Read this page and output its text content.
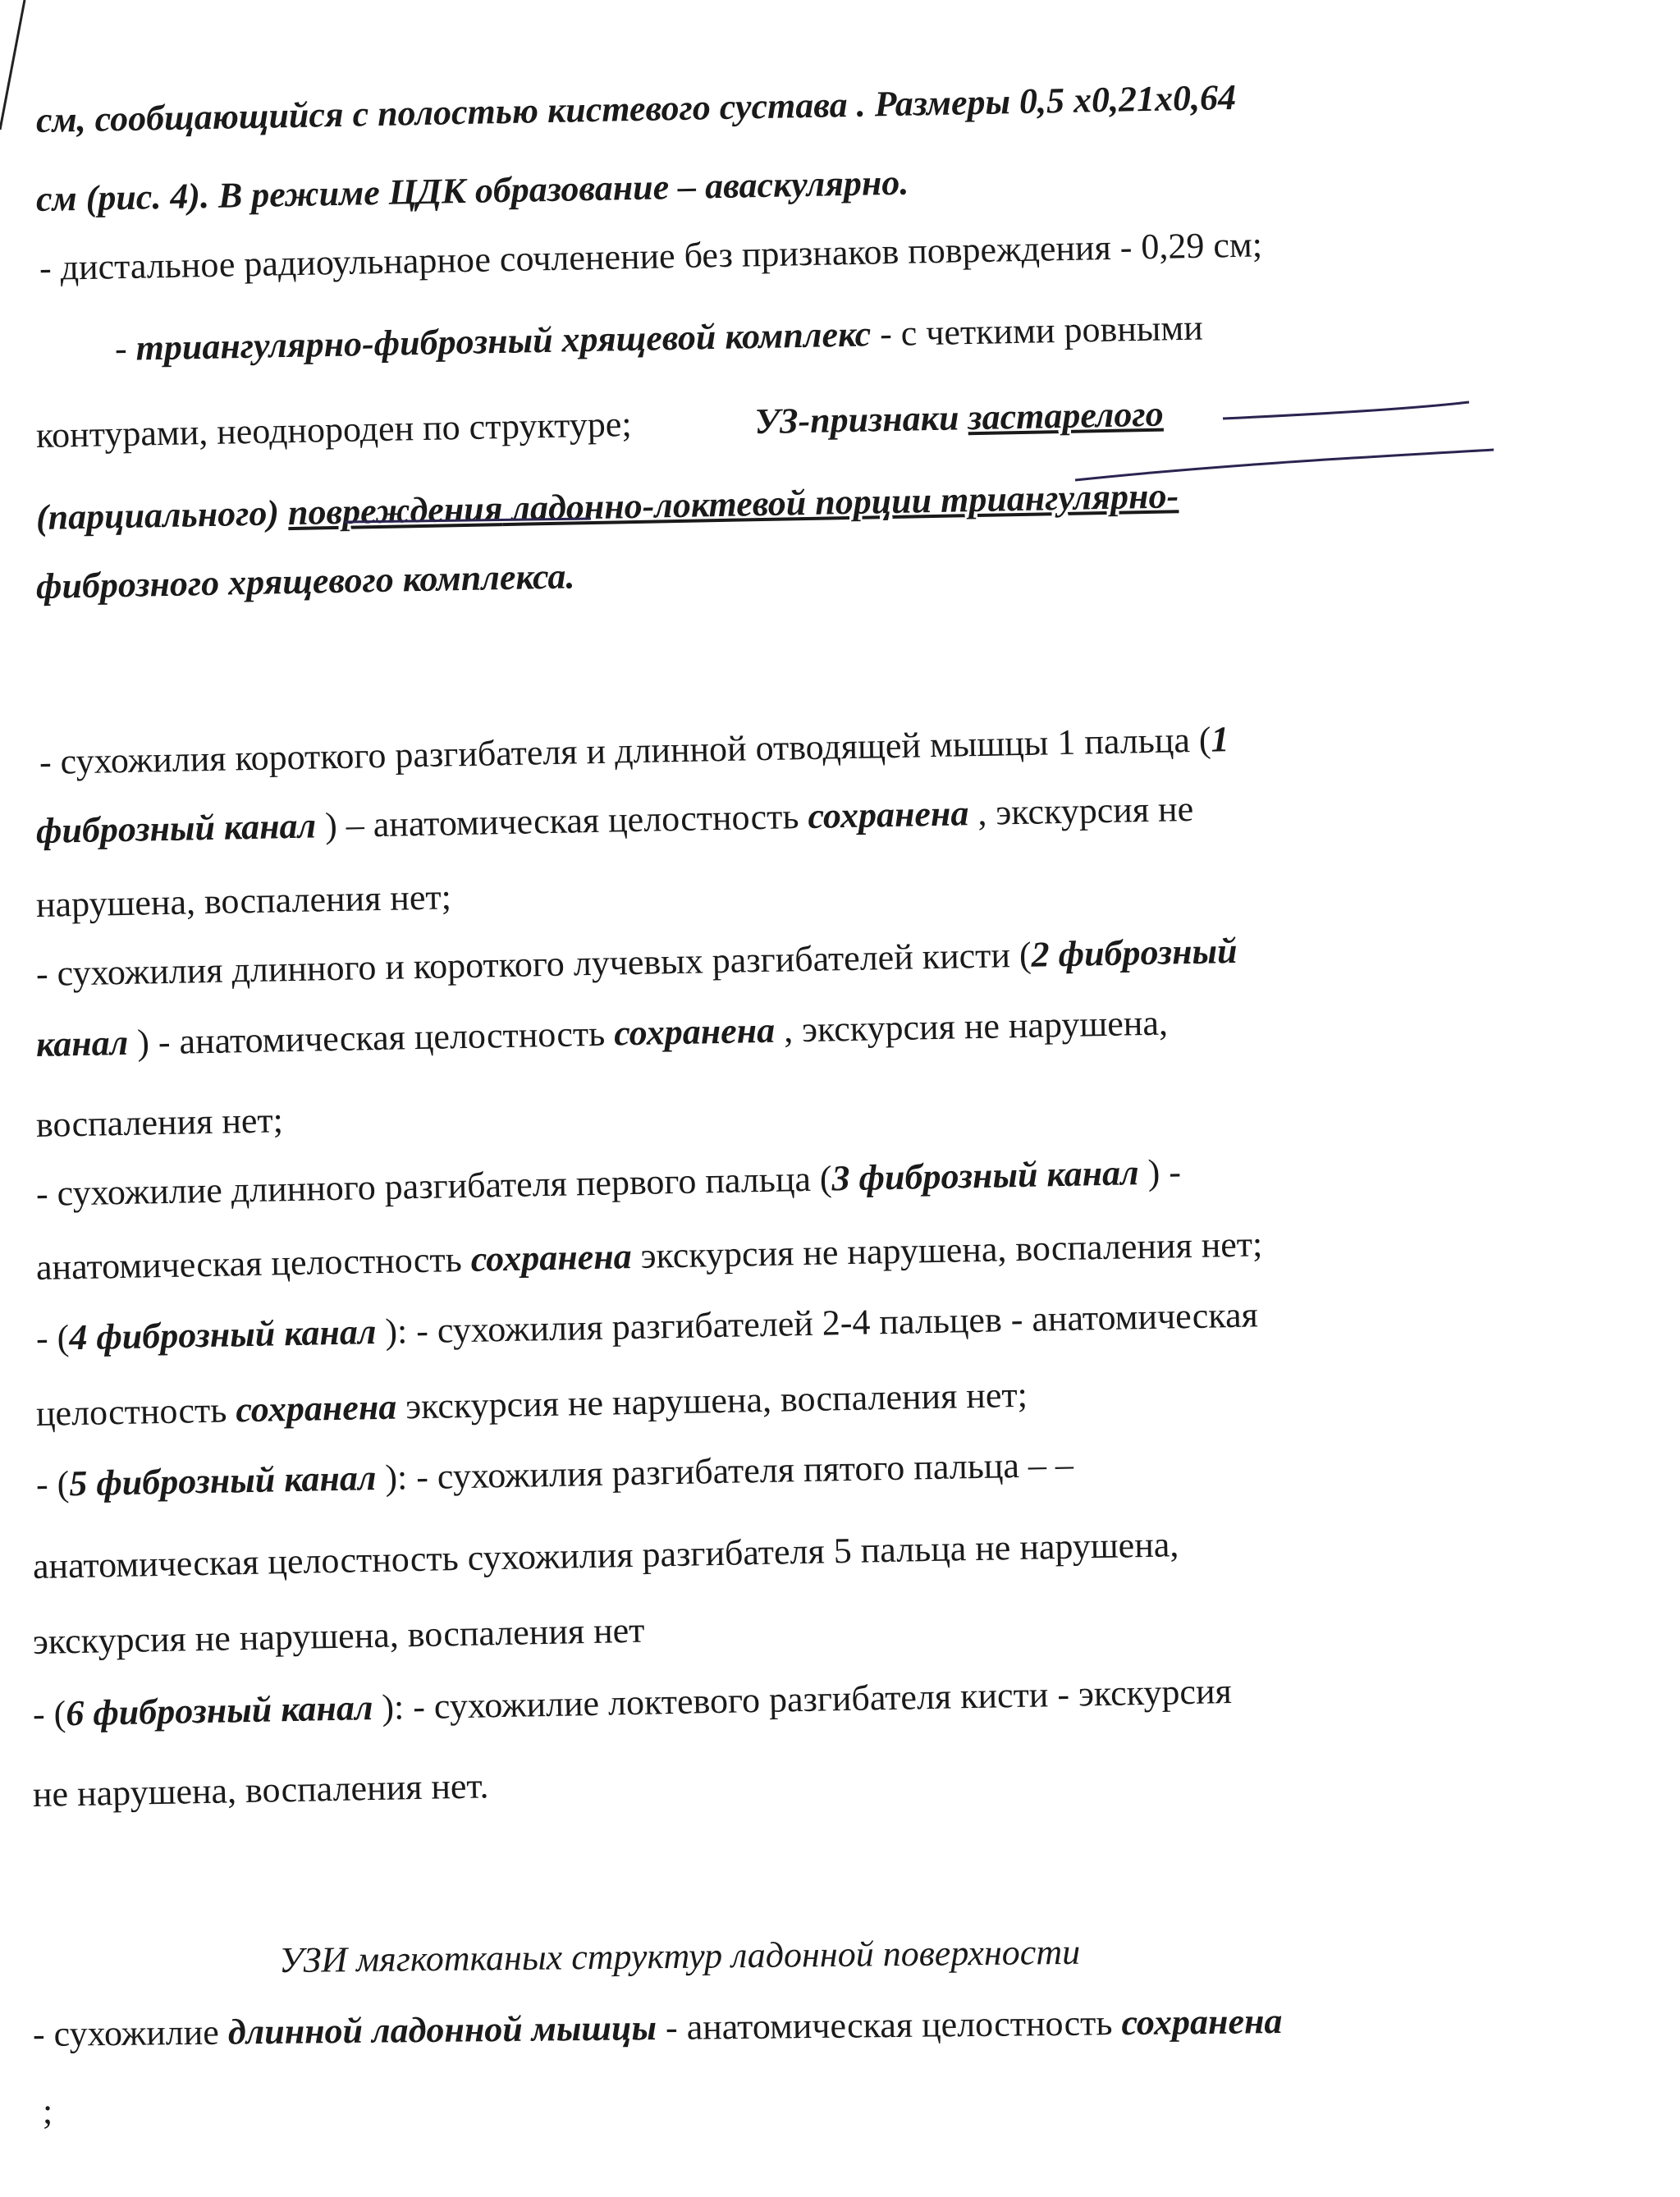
см, сообщающийся с полостью кистевого сустава . Размеры 0,5 х0,21х0,64
см (рис. 4). В режиме ЦДК образование – аваскулярно.
- дистальное радиоульнарное сочленение без признаков повреждения - 0,29 см;
- триангулярно-фиброзный хрящевой комплекс - с четкими ровными
контурами, неоднороден по структуре;	УЗ-признаки застарелого
(парциального) повреждения ладонно-локтевой порции триангулярно-
фиброзного хрящевого комплекса.
- сухожилия короткого разгибателя и длинной отводящей мышцы 1 пальца (1
фиброзный канал ) – анатомическая целостность сохранена , экскурсия не
нарушена, воспаления нет;
- сухожилия длинного и короткого лучевых разгибателей кисти (2 фиброзный
канал ) - анатомическая целостность сохранена , экскурсия не нарушена,
воспаления нет;
- сухожилие длинного разгибателя первого пальца (3 фиброзный канал ) -
анатомическая целостность сохранена экскурсия не нарушена, воспаления нет;
- (4 фиброзный канал ): - сухожилия разгибателей 2-4 пальцев - анатомическая
целостность сохранена экскурсия не нарушена, воспаления нет;
- (5 фиброзный канал ): - сухожилия разгибателя пятого пальца – –
анатомическая целостность сухожилия разгибателя 5 пальца не нарушена,
экскурсия не нарушена, воспаления нет
- (6 фиброзный канал ): - сухожилие локтевого разгибателя кисти - экскурсия
не нарушена, воспаления нет.
УЗИ мягкотканых структур ладонной поверхности
- сухожилие длинной ладонной мышцы - анатомическая целостность сохранена
;
